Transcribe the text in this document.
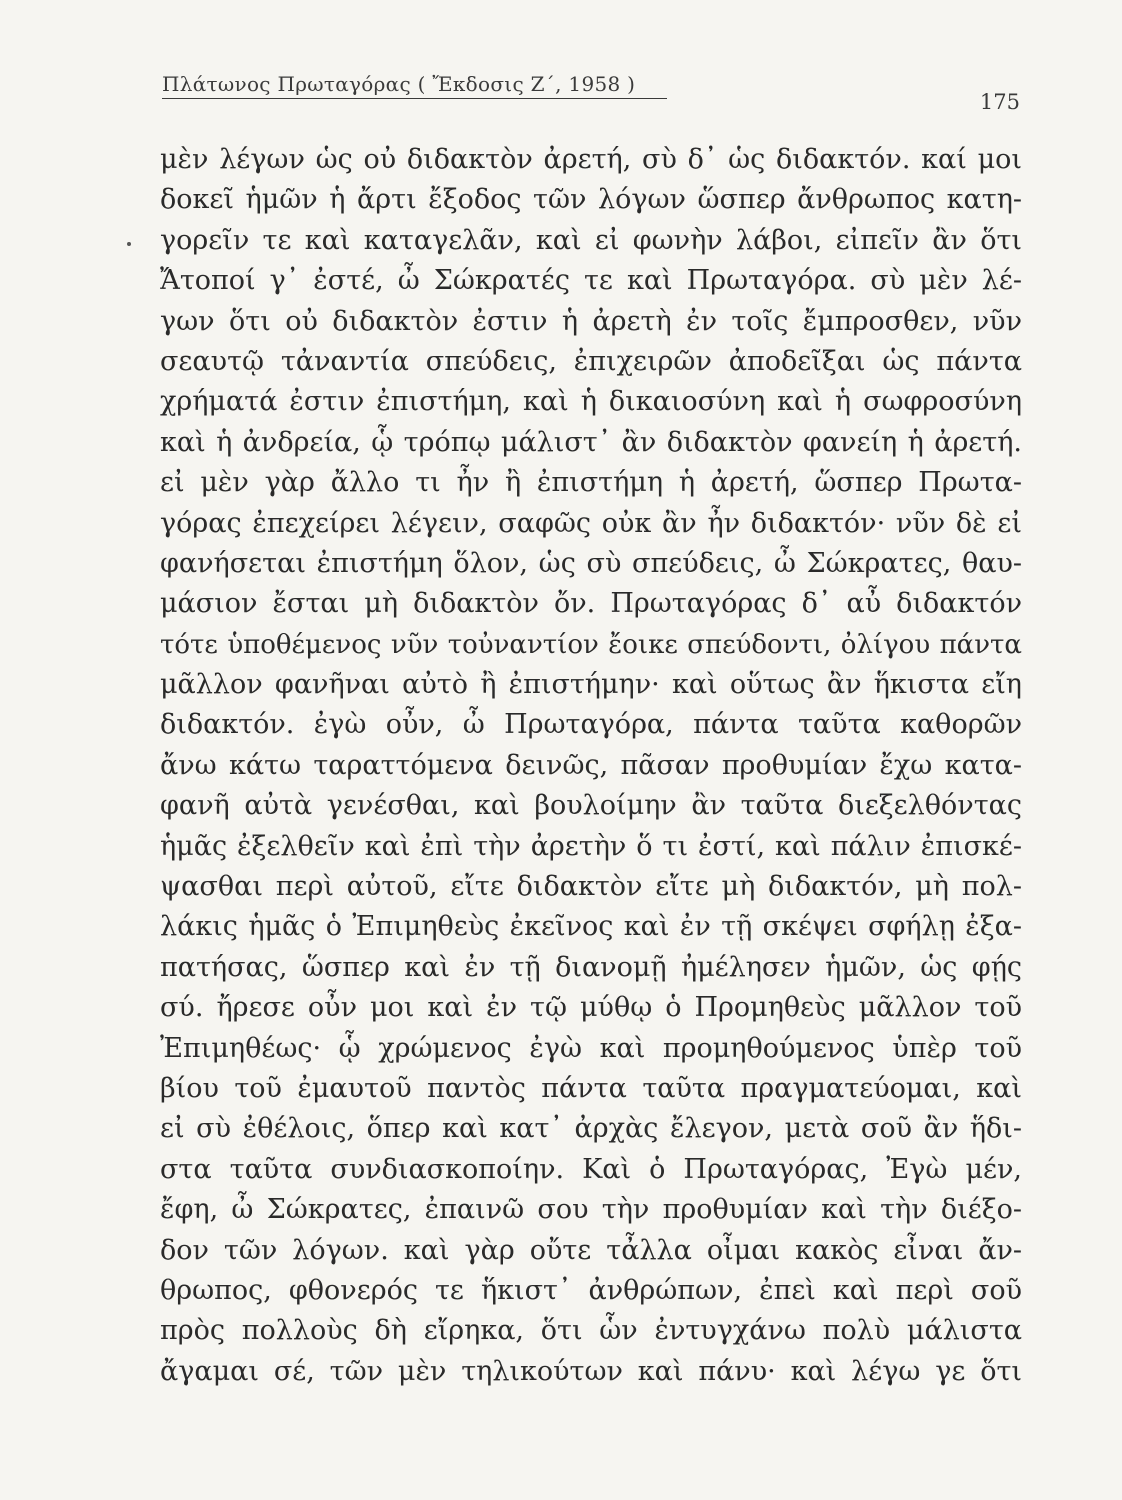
Πλάτωνος Πρωταγόρας ( Ἔκδοσις Ζ΄, 1958 )
175
μὲν λέγων ὡς οὐ διδακτὸν ἀρετή, σὺ δ᾽ ὡς διδακτόν. καί μοι
δοκεῖ ἡμῶν ἡ ἄρτι ἔξοδος τῶν λόγων ὥσπερ ἄνθρωπος κατη-
γορεῖν τε καὶ καταγελᾶν, καὶ εἰ φωνὴν λάβοι, εἰπεῖν ἂν ὅτι
Ἄτοποί γ᾽ ἐστέ, ὦ Σώκρατές τε καὶ Πρωταγόρα. σὺ μὲν λέ-
γων ὅτι οὐ διδακτὸν ἐστιν ἡ ἀρετὴ ἐν τοῖς ἔμπροσθεν, νῦν
σεαυτῷ τἀναντία σπεύδεις, ἐπιχειρῶν ἀποδεῖξαι ὡς πάντα
χρήματά ἐστιν ἐπιστήμη, καὶ ἡ δικαιοσύνη καὶ ἡ σωφροσύνη
καὶ ἡ ἀνδρεία, ᾧ τρόπῳ μάλιστ᾽ ἂν διδακτὸν φανείη ἡ ἀρετή.
εἰ μὲν γὰρ ἄλλο τι ἦν ἢ ἐπιστήμη ἡ ἀρετή, ὥσπερ Πρωτα-
γόρας ἐπεχείρει λέγειν, σαφῶς οὐκ ἂν ἦν διδακτόν· νῦν δὲ εἰ
φανήσεται ἐπιστήμη ὅλον, ὡς σὺ σπεύδεις, ὦ Σώκρατες, θαυ-
μάσιον ἔσται μὴ διδακτὸν ὄν. Πρωταγόρας δ᾽ αὖ διδακτόν
τότε ὑποθέμενος νῦν τοὐναντίον ἔοικε σπεύδοντι, ὀλίγου πάντα
μᾶλλον φανῆναι αὐτὸ ἢ ἐπιστήμην· καὶ οὕτως ἂν ἥκιστα εἴη
διδακτόν. ἐγὼ οὖν, ὦ Πρωταγόρα, πάντα ταῦτα καθορῶν
ἄνω κάτω ταραττόμενα δεινῶς, πᾶσαν προθυμίαν ἔχω κατα-
φανῆ αὐτὰ γενέσθαι, καὶ βουλοίμην ἂν ταῦτα διεξελθόντας
ἡμᾶς ἐξελθεῖν καὶ ἐπὶ τὴν ἀρετὴν ὅ τι ἐστί, καὶ πάλιν ἐπισκέ-
ψασθαι περὶ αὐτοῦ, εἴτε διδακτὸν εἴτε μὴ διδακτόν, μὴ πολ-
λάκις ἡμᾶς ὁ Ἐπιμηθεὺς ἐκεῖνος καὶ ἐν τῇ σκέψει σφήλῃ ἐξα-
πατήσας, ὥσπερ καὶ ἐν τῇ διανομῇ ἠμέλησεν ἡμῶν, ὡς φῄς
σύ. ἤρεσε οὖν μοι καὶ ἐν τῷ μύθῳ ὁ Προμηθεὺς μᾶλλον τοῦ
Ἐπιμηθέως· ᾧ χρώμενος ἐγὼ καὶ προμηθούμενος ὑπὲρ τοῦ
βίου τοῦ ἐμαυτοῦ παντὸς πάντα ταῦτα πραγματεύομαι, καὶ
εἰ σὺ ἐθέλοις, ὅπερ καὶ κατ᾽ ἀρχὰς ἔλεγον, μετὰ σοῦ ἂν ἥδι-
στα ταῦτα συνδιασκοποίην. Καὶ ὁ Πρωταγόρας, Ἐγὼ μέν,
ἔφη, ὦ Σώκρατες, ἐπαινῶ σου τὴν προθυμίαν καὶ τὴν διέξο-
δον τῶν λόγων. καὶ γὰρ οὔτε τἆλλα οἶμαι κακὸς εἶναι ἄν-
θρωπος, φθονερός τε ἥκιστ᾽ ἀνθρώπων, ἐπεὶ καὶ περὶ σοῦ
πρὸς πολλοὺς δὴ εἴρηκα, ὅτι ὧν ἐντυγχάνω πολὺ μάλιστα
ἄγαμαι σέ, τῶν μὲν τηλικούτων καὶ πάνυ· καὶ λέγω γε ὅτι
